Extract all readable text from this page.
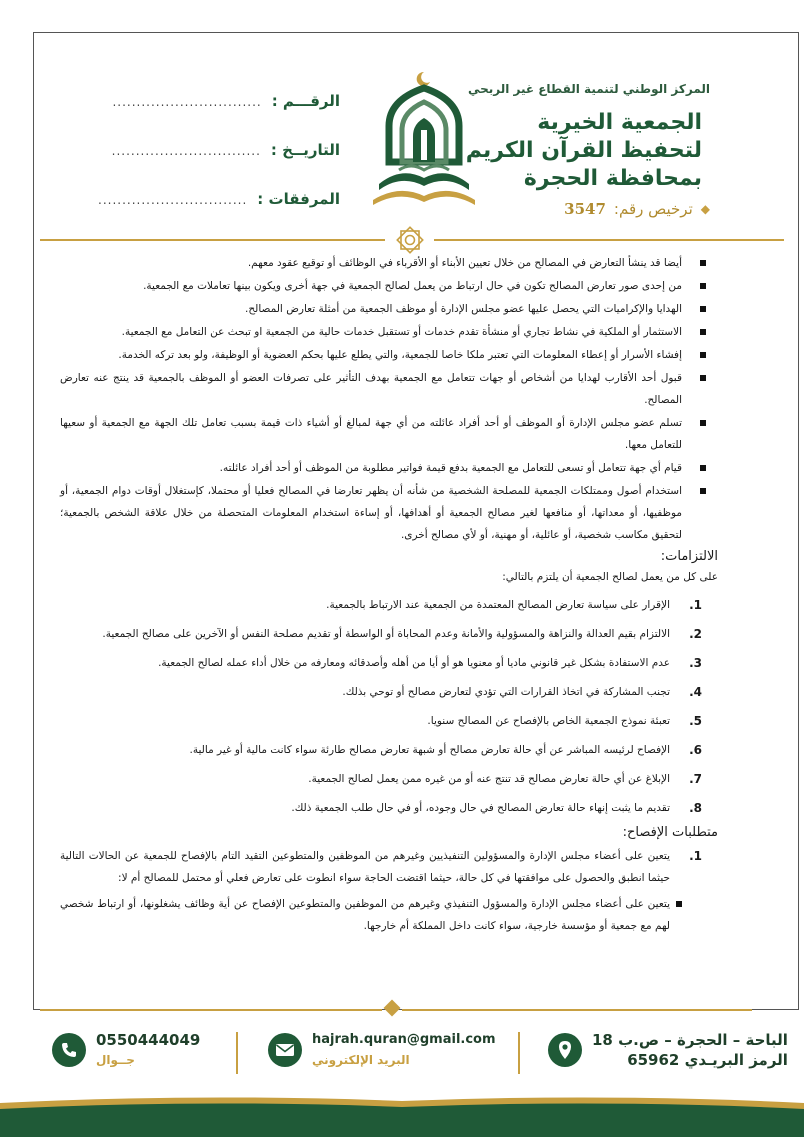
المركز الوطني لتنمية القطاع غير الربحي
الجمعية الخيرية
لتحفيظ القرآن الكريم
بمحافظة الحجرة
◆
ترخيص رقم:
3547
الرقـــم :
...............................
التاريــخ :
...............................
المرفقات :
...............................
أيضا قد ينشأ التعارض في المصالح من خلال تعيين الأبناء أو الأقرباء في الوظائف أو توقيع عقود معهم.
من إحدى صور تعارض المصالح تكون في حال ارتباط من يعمل لصالح الجمعية في جهة أخرى ويكون بينها تعاملات مع الجمعية.
الهدايا والإكراميات التي يحصل عليها عضو مجلس الإدارة أو موظف الجمعية من أمثلة تعارض المصالح.
الاستثمار أو الملكية في نشاط تجاري أو منشأة تقدم خدمات أو تستقبل خدمات حالية من الجمعية او تبحث عن التعامل مع الجمعية.
إفشاء الأسرار أو إعطاء المعلومات التي تعتبر ملكا خاصا للجمعية، والتي يطلع عليها بحكم العضوية أو الوظيفة، ولو بعد تركه الخدمة.
قبول أحد الأقارب لهدايا من أشخاص أو جهات تتعامل مع الجمعية بهدف التأثير على تصرفات العضو أو الموظف بالجمعية قد ينتج عنه تعارض المصالح.
تسلم عضو مجلس الإدارة أو الموظف أو أحد أفراد عائلته من أي جهة لمبالغ أو أشياء ذات قيمة بسبب تعامل تلك الجهة مع الجمعية أو سعيها للتعامل معها.
قيام أي جهة تتعامل أو تسعى للتعامل مع الجمعية بدفع قيمة فواتير مطلوبة من الموظف أو أحد أفراد عائلته.
استخدام أصول وممتلكات الجمعية للمصلحة الشخصية من شأنه أن يظهر تعارضا في المصالح فعليا أو محتملا، كإستغلال أوقات دوام الجمعية، أو موظفيها، أو معداتها، أو منافعها لغير مصالح الجمعية أو أهدافها، أو إساءة استخدام المعلومات المتحصلة من خلال علاقة الشخص بالجمعية؛ لتحقيق مكاسب شخصية، أو عائلية، أو مهنية، أو لأي مصالح أخرى.
الالتزامات:
على كل من يعمل لصالح الجمعية أن يلتزم بالتالي:
1.
الإقرار على سياسة تعارض المصالح المعتمدة من الجمعية عند الارتباط بالجمعية.
2.
الالتزام بقيم العدالة والنزاهة والمسؤولية والأمانة وعدم المحاباة أو الواسطة أو تقديم مصلحة النفس أو الآخرين على مصالح الجمعية.
3.
عدم الاستفادة بشكل غير قانوني ماديا أو معنويا هو أو أيا من أهله وأصدقائه ومعارفه من خلال أداء عمله لصالح الجمعية.
4.
تجنب المشاركة في اتخاذ القرارات التي تؤدي لتعارض مصالح أو توحي بذلك.
5.
تعبئة نموذج الجمعية الخاص بالإفصاح عن المصالح سنويا.
6.
الإفصاح لرئيسه المباشر عن أي حالة تعارض مصالح أو شبهة تعارض مصالح طارئة سواء كانت مالية أو غير مالية.
7.
الإبلاغ عن أي حالة تعارض مصالح قد تنتج عنه أو من غيره ممن يعمل لصالح الجمعية.
8.
تقديم ما يثبت إنهاء حالة تعارض المصالح في حال وجوده، أو في حال طلب الجمعية ذلك.
متطلبات الإفصاح:
1.
يتعين على أعضاء مجلس الإدارة والمسؤولين التنفيذيين وغيرهم من الموظفين والمتطوعين التقيد التام بالإفصاح للجمعية عن الحالات التالية حيثما انطبق والحصول على موافقتها في كل حالة، حيثما اقتضت الحاجة سواء انطوت على تعارض فعلي أو محتمل للمصالح أم لا:
يتعين على أعضاء مجلس الإدارة والمسؤول التنفيذي وغيرهم من الموظفين والمتطوعين الإفصاح عن أية وظائف يشغلونها، أو ارتباط شخصي لهم مع جمعية أو مؤسسة خارجية، سواء كانت داخل المملكة أم خارجها.
0550444049
جــوال
hajrah.quran@gmail.com
البريد الإلكتروني
الباحة – الحجرة – ص.ب 18
الرمز البريـدي 65962
